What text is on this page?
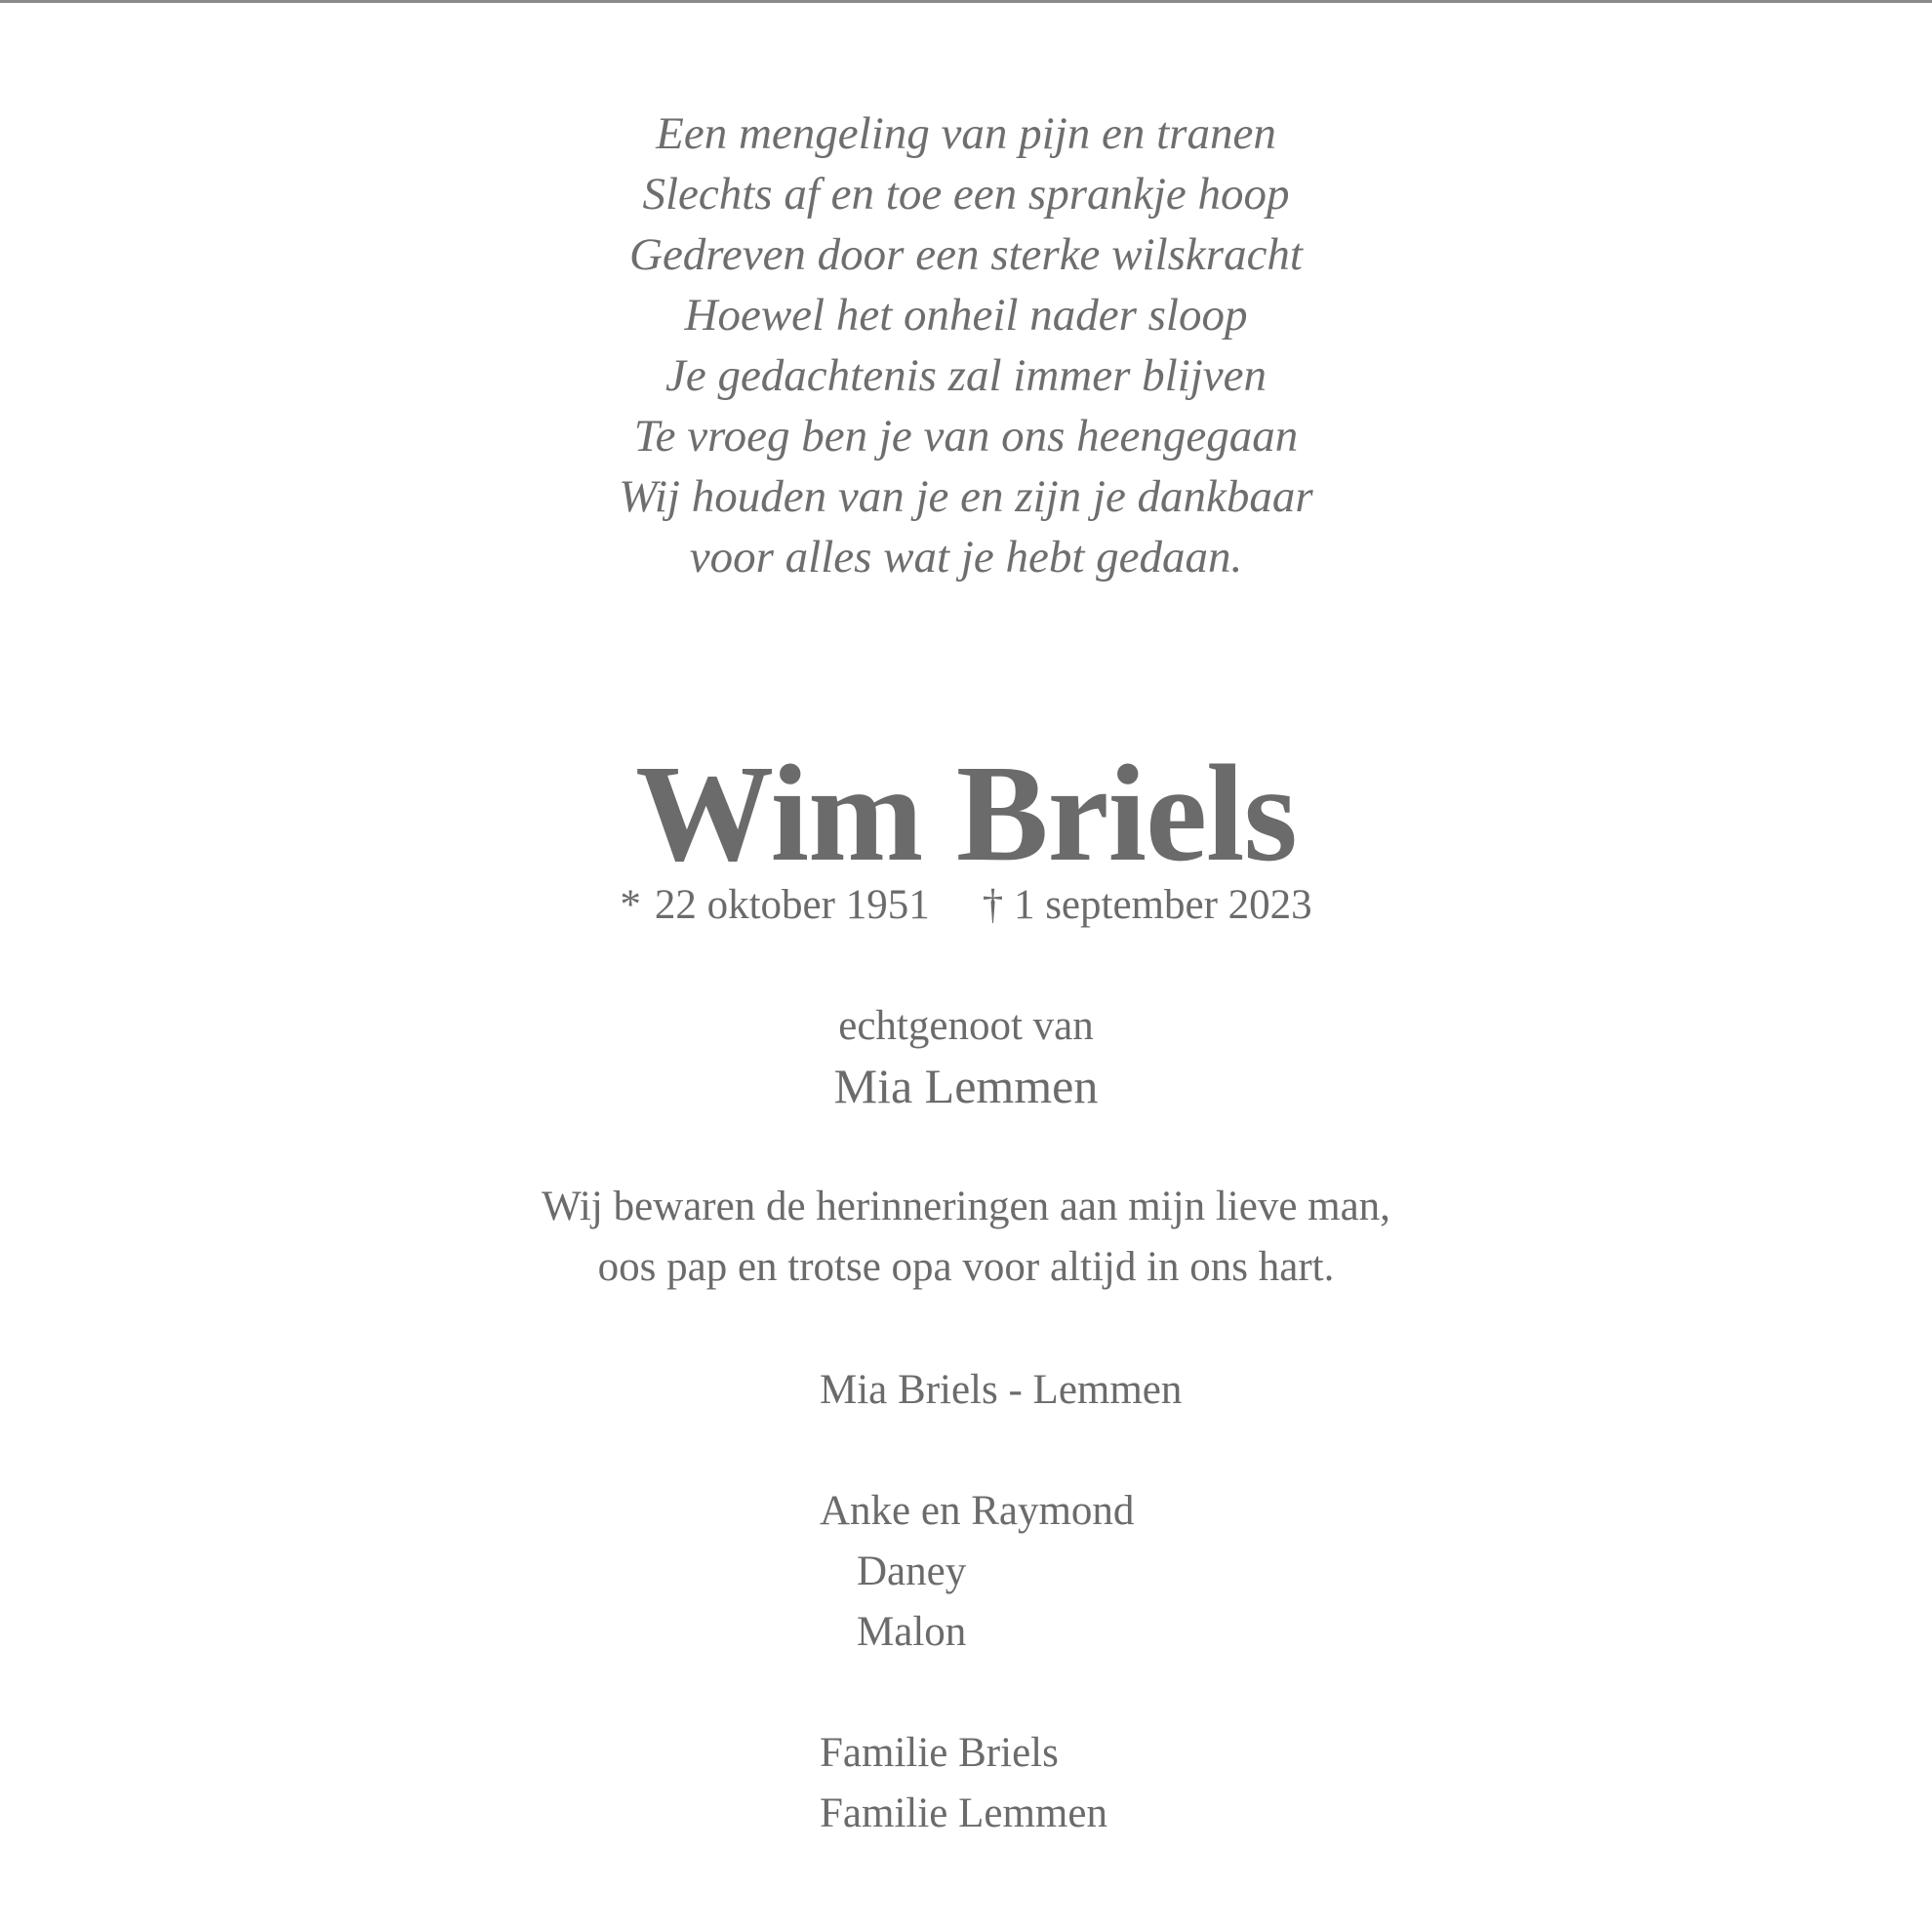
Een mengeling van pijn en tranen
Slechts af en toe een sprankje hoop
Gedreven door een sterke wilskracht
Hoewel het onheil nader sloop
Je gedachtenis zal immer blijven
Te vroeg ben je van ons heengegaan
Wij houden van je en zijn je dankbaar
voor alles wat je hebt gedaan.
Wim Briels
* 22 oktober 1951 † 1 september 2023
echtgenoot van
Mia Lemmen
Wij bewaren de herinneringen aan mijn lieve man,
oos pap en trotse opa voor altijd in ons hart.
Mia Briels - Lemmen
Anke en Raymond
Daney
Malon
Familie Briels
Familie Lemmen
